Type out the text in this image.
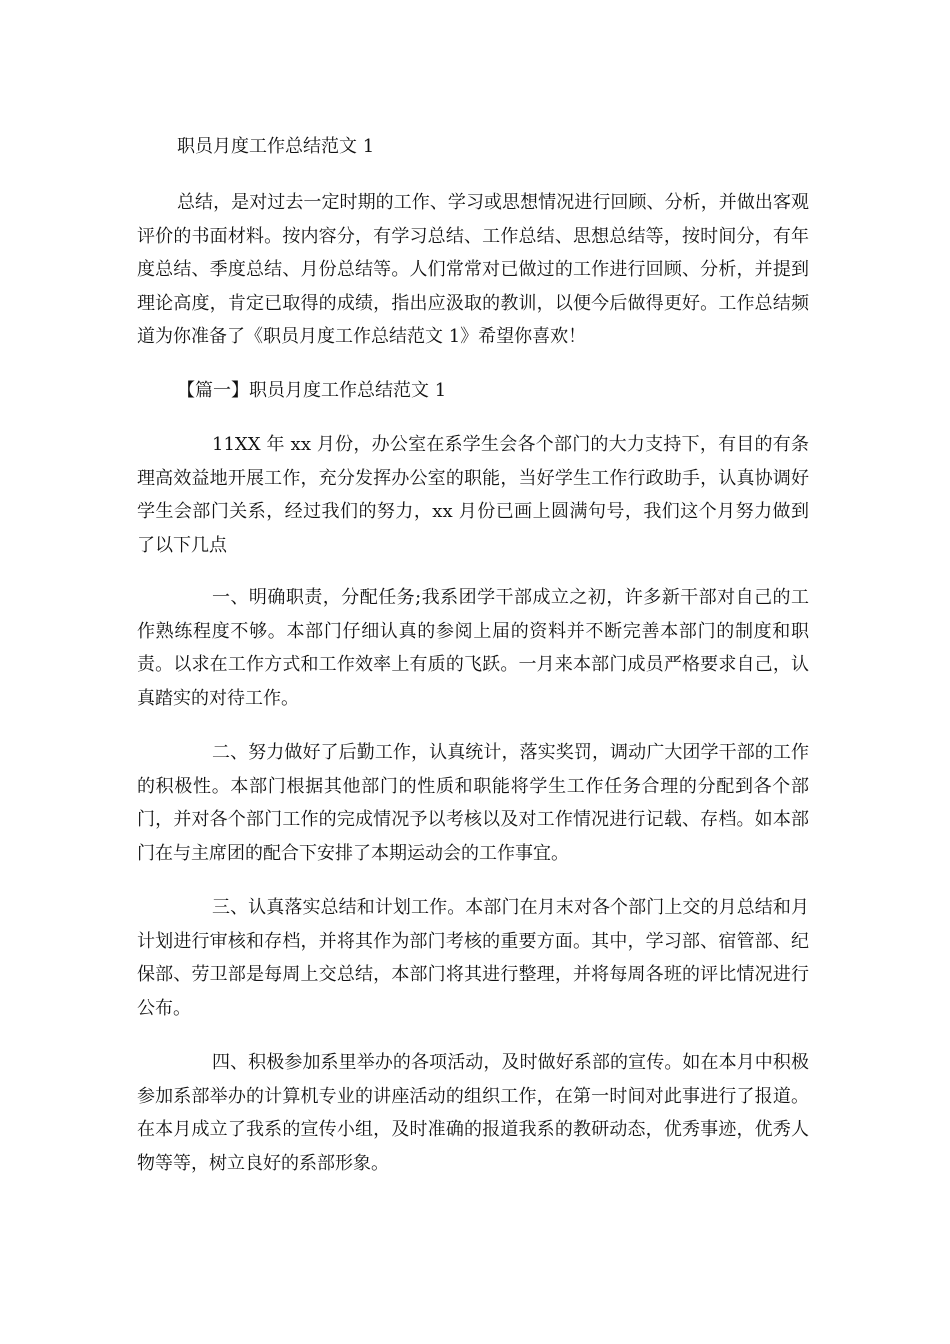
职员月度工作总结范文 1

总结，是对过去一定时期的工作、学习或思想情况进行回顾、分析，并做出客观评价的书面材料。按内容分，有学习总结、工作总结、思想总结等，按时间分，有年度总结、季度总结、月份总结等。人们常常对已做过的工作进行回顾、分析，并提到理论高度，肯定已取得的成绩，指出应汲取的教训，以便今后做得更好。工作总结频道为你准备了《职员月度工作总结范文 1》希望你喜欢！

【篇一】职员月度工作总结范文 1

11XX 年 xx 月份，办公室在系学生会各个部门的大力支持下，有目的有条理高效益地开展工作，充分发挥办公室的职能，当好学生工作行政助手，认真协调好学生会部门关系，经过我们的努力，xx 月份已画上圆满句号，我们这个月努力做到了以下几点

一、明确职责，分配任务;我系团学干部成立之初，许多新干部对自己的工作熟练程度不够。本部门仔细认真的参阅上届的资料并不断完善本部门的制度和职责。以求在工作方式和工作效率上有质的飞跃。一月来本部门成员严格要求自己，认真踏实的对待工作。

二、努力做好了后勤工作，认真统计，落实奖罚，调动广大团学干部的工作的积极性。本部门根据其他部门的性质和职能将学生工作任务合理的分配到各个部门，并对各个部门工作的完成情况予以考核以及对工作情况进行记载、存档。如本部门在与主席团的配合下安排了本期运动会的工作事宜。

三、认真落实总结和计划工作。本部门在月末对各个部门上交的月总结和月计划进行审核和存档，并将其作为部门考核的重要方面。其中，学习部、宿管部、纪保部、劳卫部是每周上交总结，本部门将其进行整理，并将每周各班的评比情况进行公布。

四、积极参加系里举办的各项活动，及时做好系部的宣传。如在本月中积极参加系部举办的计算机专业的讲座活动的组织工作，在第一时间对此事进行了报道。在本月成立了我系的宣传小组，及时准确的报道我系的教研动态，优秀事迹，优秀人物等等，树立良好的系部形象。
